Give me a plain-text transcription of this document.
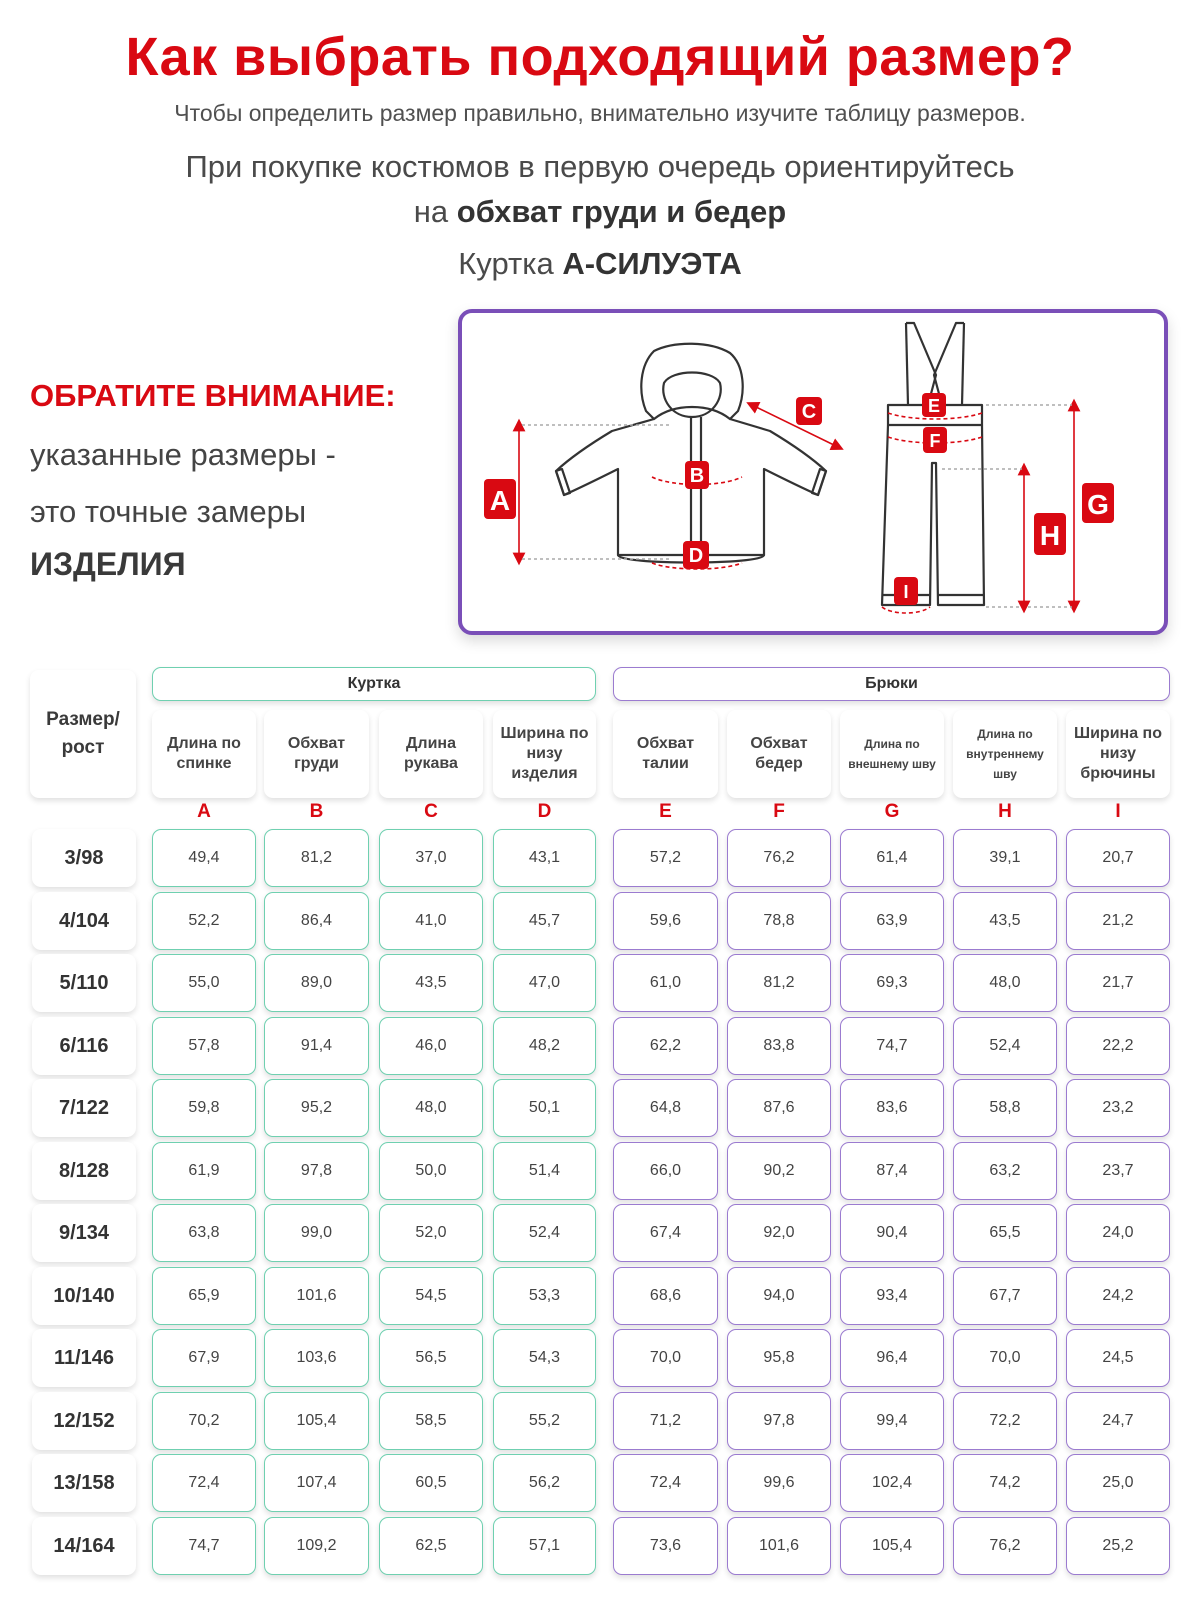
Как выбрать подходящий размер?
Чтобы определить размер правильно, внимательно изучите таблицу размеров.
При покупке костюмов в первую очередь ориентируйтесь
на обхват груди и бедер
Куртка А-СИЛУЭТА
ОБРАТИТЕ ВНИМАНИЕ:
указанные размеры -
это точные замеры
ИЗДЕЛИЯ
A
B
C
D
E
F
G
H
I
Размер/ рост
Куртка	Брюки
Длина по спинке
Обхват груди
Длина рукава
Ширина по низу изделия
Обхват талии
Обхват бедер
Длина по внешнему шву
Длина по внутреннему шву
Ширина по низу брючины
A	B	C	D	E	F	G	H	I
3/98	49,4	81,2	37,0	43,1	57,2	76,2	61,4	39,1	20,7
4/104	52,2	86,4	41,0	45,7	59,6	78,8	63,9	43,5	21,2
5/110	55,0	89,0	43,5	47,0	61,0	81,2	69,3	48,0	21,7
6/116	57,8	91,4	46,0	48,2	62,2	83,8	74,7	52,4	22,2
7/122	59,8	95,2	48,0	50,1	64,8	87,6	83,6	58,8	23,2
8/128	61,9	97,8	50,0	51,4	66,0	90,2	87,4	63,2	23,7
9/134	63,8	99,0	52,0	52,4	67,4	92,0	90,4	65,5	24,0
10/140	65,9	101,6	54,5	53,3	68,6	94,0	93,4	67,7	24,2
11/146	67,9	103,6	56,5	54,3	70,0	95,8	96,4	70,0	24,5
12/152	70,2	105,4	58,5	55,2	71,2	97,8	99,4	72,2	24,7
13/158	72,4	107,4	60,5	56,2	72,4	99,6	102,4	74,2	25,0
14/164	74,7	109,2	62,5	57,1	73,6	101,6	105,4	76,2	25,2
